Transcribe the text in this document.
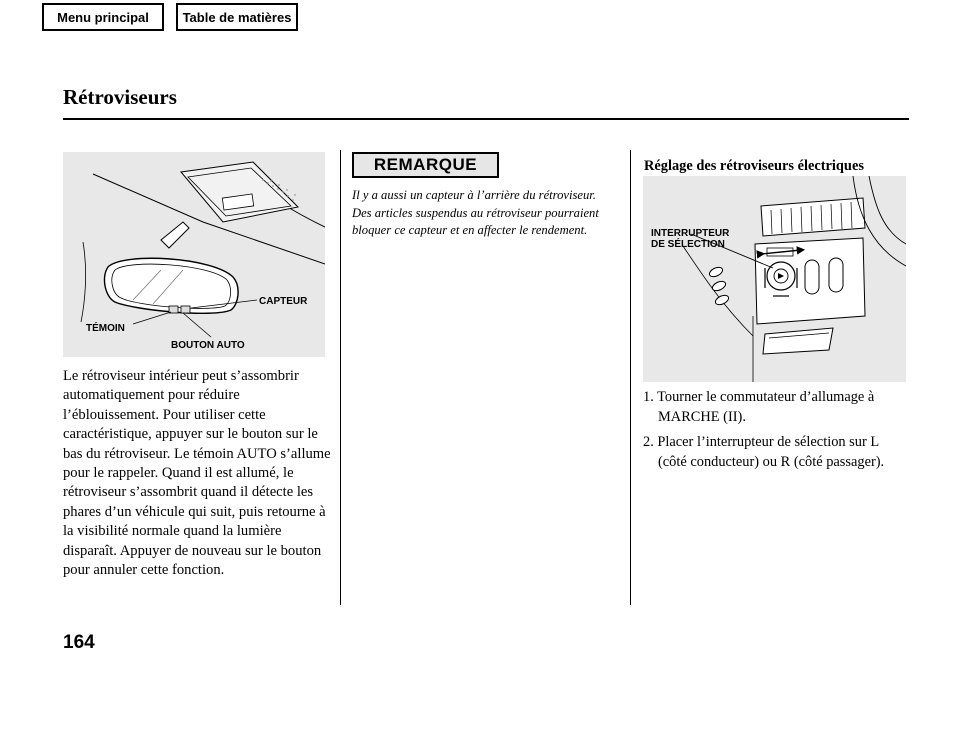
Menu principal	Table de matières
Rétroviseurs
CAPTEUR
TÉMOIN
BOUTON AUTO
Le rétroviseur intérieur peut s’assombrir automatiquement pour réduire l’éblouissement. Pour utiliser cette caractéristique, appuyer sur le bouton sur le bas du rétroviseur. Le témoin AUTO s’allume pour le rappeler. Quand il est allumé, le rétroviseur s’assombrit quand il détecte les phares d’un véhicule qui suit, puis retourne à la visibilité normale quand la lumière disparaît. Appuyer de nouveau sur le bouton pour annuler cette fonction.
REMARQUE
Il y a aussi un capteur à l’arrière du rétroviseur. Des articles suspendus au rétroviseur pourraient bloquer ce capteur et en affecter le rendement.
Réglage des rétroviseurs électriques
INTERRUPTEUR
DE SÉLECTION
1. Tourner le commutateur d’allumage à
MARCHE (II).
2. Placer l’interrupteur de sélection sur L
(côté conducteur) ou R (côté passager).
164
